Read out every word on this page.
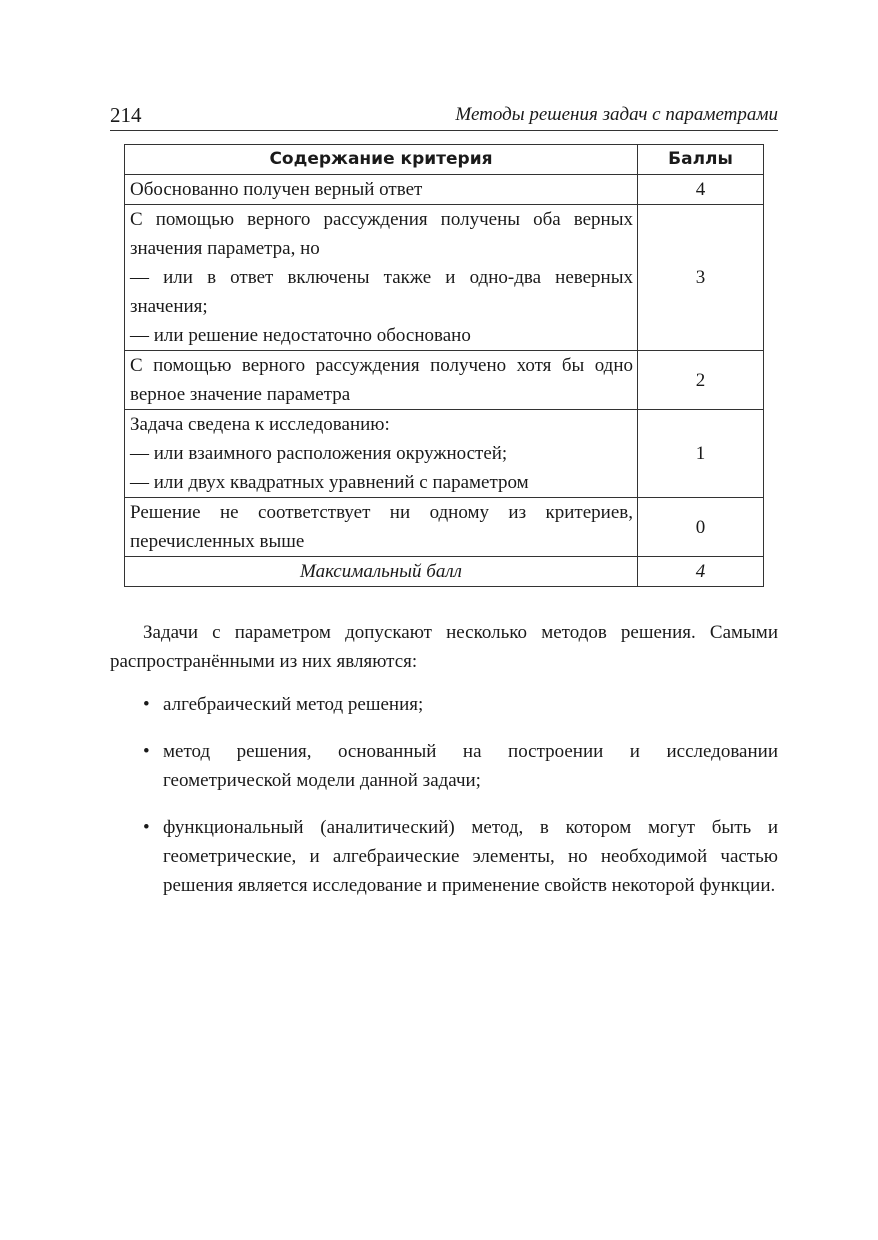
214	Методы решения задач с параметрами
Содержание критерия	Баллы
Обоснованно получен верный ответ	4

С помощью верного рассуждения получены оба верных значения параметра, но
— или в ответ включены также и одно-два неверных значения;
— или решение недостаточно обосновано	3
С помощью верного рассуждения получено хотя бы одно верное значение параметра	2

Задача сведена к исследованию:
— или взаимного расположения окружностей;
— или двух квадратных уравнений с параметром	1
Решение не соответствует ни одному из критериев, перечисленных выше	0
Максимальный балл	4

Задачи с параметром допускают несколько методов решения. Самыми распространёнными из них являются:

• алгебраический метод решения;
• метод решения, основанный на построении и исследовании геометрической модели данной задачи;
• функциональный (аналитический) метод, в котором могут быть и геометрические, и алгебраические элементы, но необходимой частью решения является исследование и применение свойств некоторой функции.
